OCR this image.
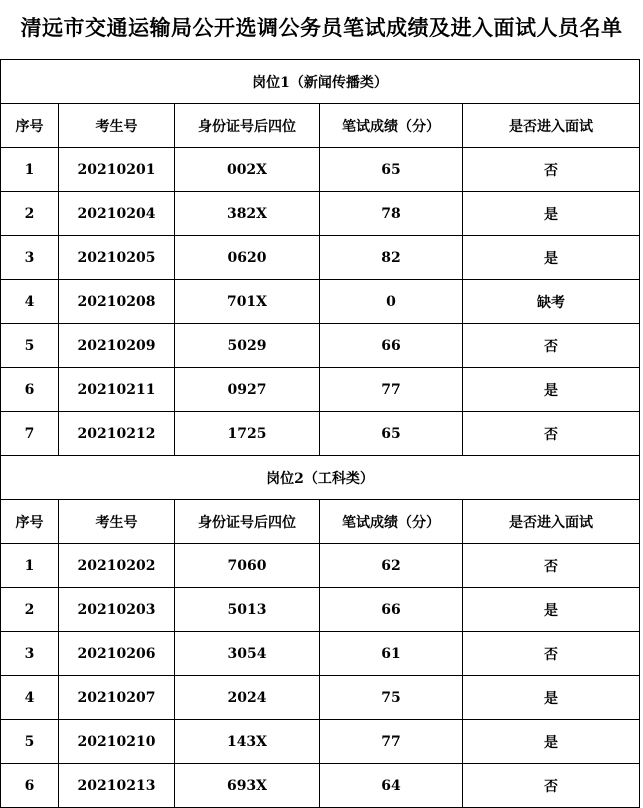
清远市交通运输局公开选调公务员笔试成绩及进入面试人员名单
岗位1（新闻传播类）				
序号	考生号	身份证号后四位	笔试成绩（分）	是否进入面试
1	20210201	002X	65	否
2	20210204	382X	78	是
3	20210205	0620	82	是
4	20210208	701X	0	缺考
5	20210209	5029	66	否
6	20210211	0927	77	是
7	20210212	1725	65	否
岗位2（工科类）				
序号	考生号	身份证号后四位	笔试成绩（分）	是否进入面试
1	20210202	7060	62	否
2	20210203	5013	66	是
3	20210206	3054	61	否
4	20210207	2024	75	是
5	20210210	143X	77	是
6	20210213	693X	64	否
